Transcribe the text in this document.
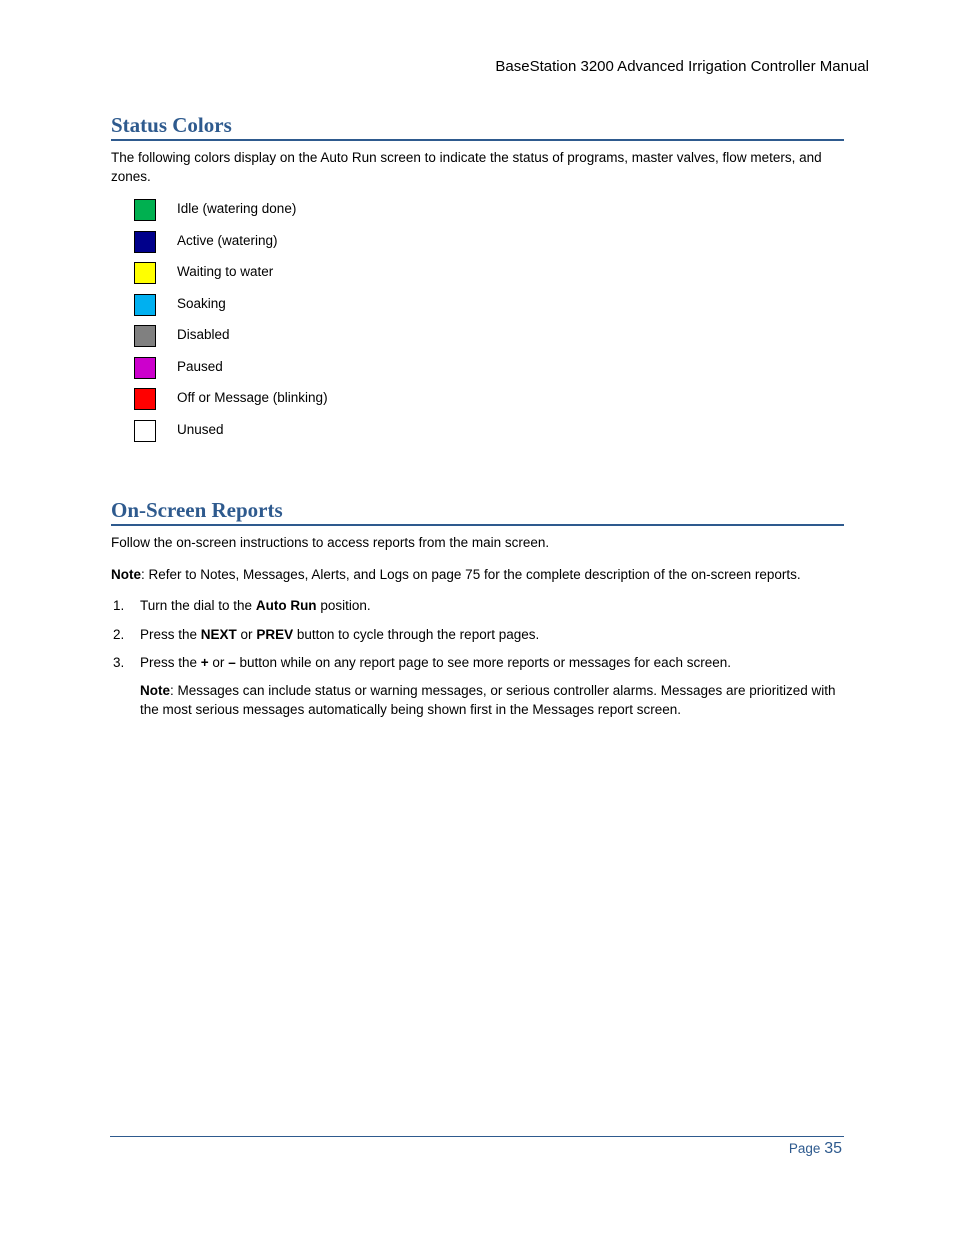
BaseStation 3200 Advanced Irrigation Controller Manual
Status Colors

The following colors display on the Auto Run screen to indicate the status of programs, master valves, flow meters, and zones.

Idle (watering done)
Active (watering)
Waiting to water
Soaking
Disabled
Paused
Off or Message (blinking)
Unused
On-Screen Reports

Follow the on-screen instructions to access reports from the main screen.

Note: Refer to Notes, Messages, Alerts, and Logs on page 75 for the complete description of the on-screen reports.

1. Turn the dial to the Auto Run position.
2. Press the NEXT or PREV button to cycle through the report pages.
3. Press the + or – button while on any report page to see more reports or messages for each screen.

Note: Messages can include status or warning messages, or serious controller alarms. Messages are prioritized with the most serious messages automatically being shown first in the Messages report screen.

Page 35
